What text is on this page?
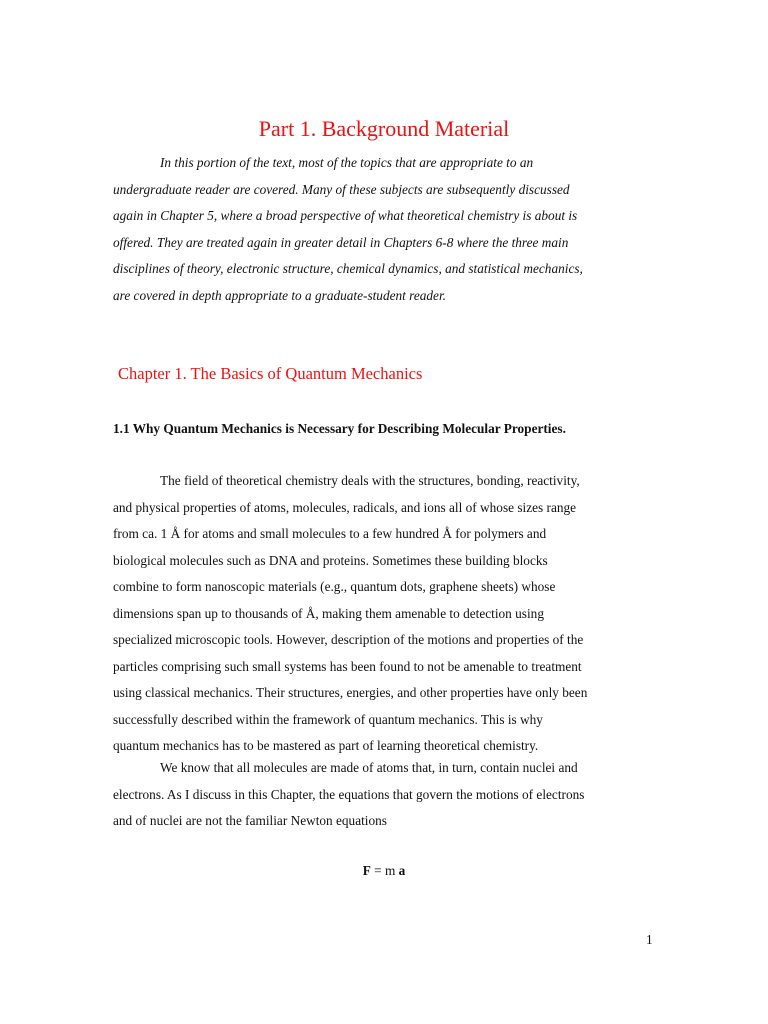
Part 1. Background Material

In this portion of the text, most of the topics that are appropriate to an
undergraduate reader are covered. Many of these subjects are subsequently discussed
again in Chapter 5, where a broad perspective of what theoretical chemistry is about is
offered. They are treated again in greater detail in Chapters 6-8 where the three main
disciplines of theory, electronic structure, chemical dynamics, and statistical mechanics,
are covered in depth appropriate to a graduate-student reader.

Chapter 1. The Basics of Quantum Mechanics
1.1 Why Quantum Mechanics is Necessary for Describing Molecular Properties.

The field of theoretical chemistry deals with the structures, bonding, reactivity,
and physical properties of atoms, molecules, radicals, and ions all of whose sizes range
from ca. 1 Å for atoms and small molecules to a few hundred Å for polymers and
biological molecules such as DNA and proteins. Sometimes these building blocks
combine to form nanoscopic materials (e.g., quantum dots, graphene sheets) whose
dimensions span up to thousands of Å, making them amenable to detection using
specialized microscopic tools. However, description of the motions and properties of the
particles comprising such small systems has been found to not be amenable to treatment
using classical mechanics. Their structures, energies, and other properties have only been
successfully described within the framework of quantum mechanics. This is why
quantum mechanics has to be mastered as part of learning theoretical chemistry.

We know that all molecules are made of atoms that, in turn, contain nuclei and
electrons. As I discuss in this Chapter, the equations that govern the motions of electrons
and of nuclei are not the familiar Newton equations

F = m a

1
